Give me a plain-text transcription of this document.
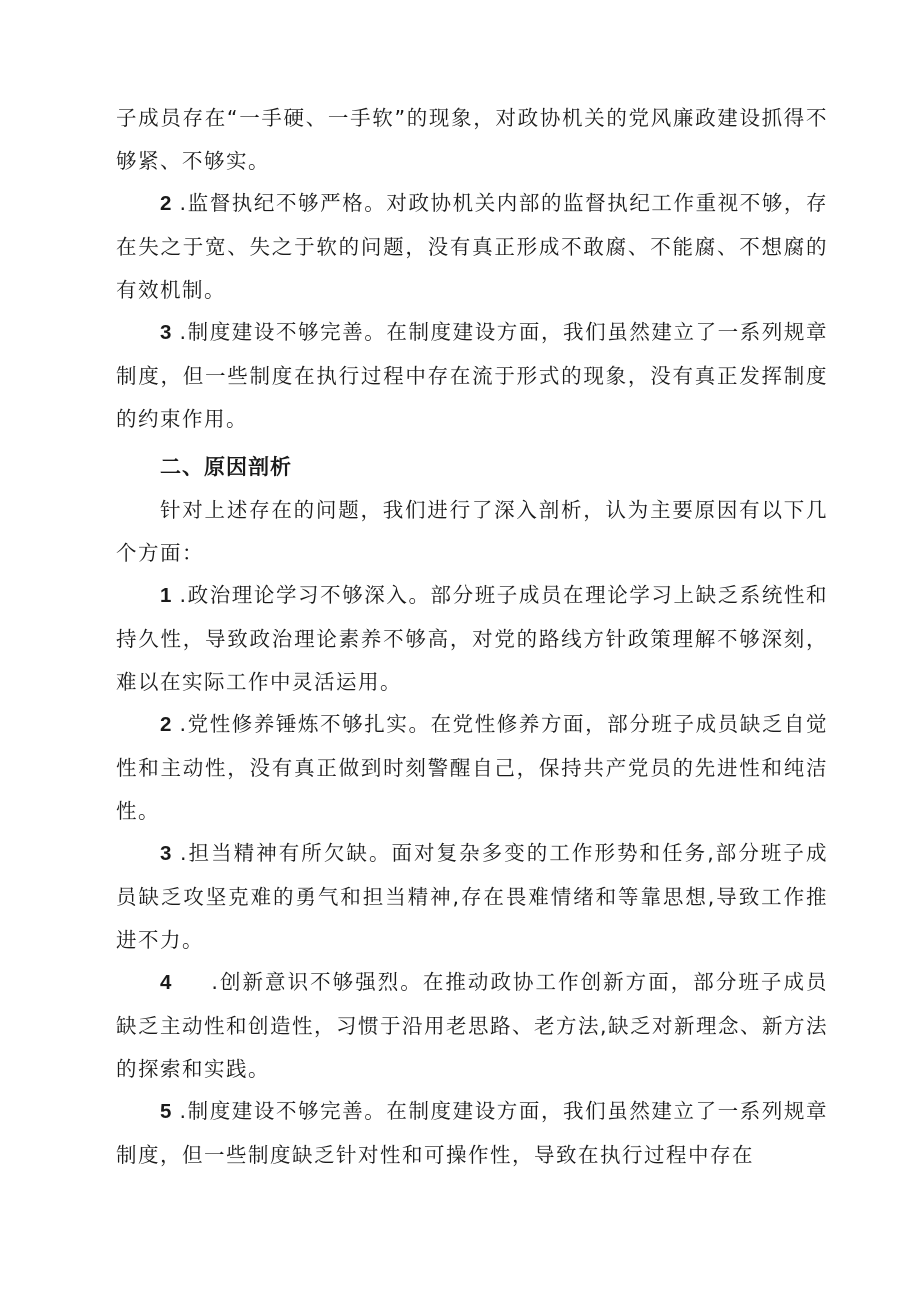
子成员存在“一手硬、一手软”的现象，对政协机关的党风廉政建设抓得不够紧、不够实。

2 .监督执纪不够严格。对政协机关内部的监督执纪工作重视不够，存在失之于宽、失之于软的问题，没有真正形成不敢腐、不能腐、不想腐的有效机制。

3 .制度建设不够完善。在制度建设方面，我们虽然建立了一系列规章制度，但一些制度在执行过程中存在流于形式的现象，没有真正发挥制度的约束作用。

二、原因剖析

针对上述存在的问题，我们进行了深入剖析，认为主要原因有以下几个方面：

1 .政治理论学习不够深入。部分班子成员在理论学习上缺乏系统性和持久性，导致政治理论素养不够高，对党的路线方针政策理解不够深刻，难以在实际工作中灵活运用。

2 .党性修养锤炼不够扎实。在党性修养方面，部分班子成员缺乏自觉性和主动性，没有真正做到时刻警醒自己，保持共产党员的先进性和纯洁性。

3 .担当精神有所欠缺。面对复杂多变的工作形势和任务,部分班子成员缺乏攻坚克难的勇气和担当精神,存在畏难情绪和等靠思想,导致工作推进不力。

4 .创新意识不够强烈。在推动政协工作创新方面，部分班子成员缺乏主动性和创造性，习惯于沿用老思路、老方法,缺乏对新理念、新方法的探索和实践。

5 .制度建设不够完善。在制度建设方面，我们虽然建立了一系列规章制度，但一些制度缺乏针对性和可操作性，导致在执行过程中存在
